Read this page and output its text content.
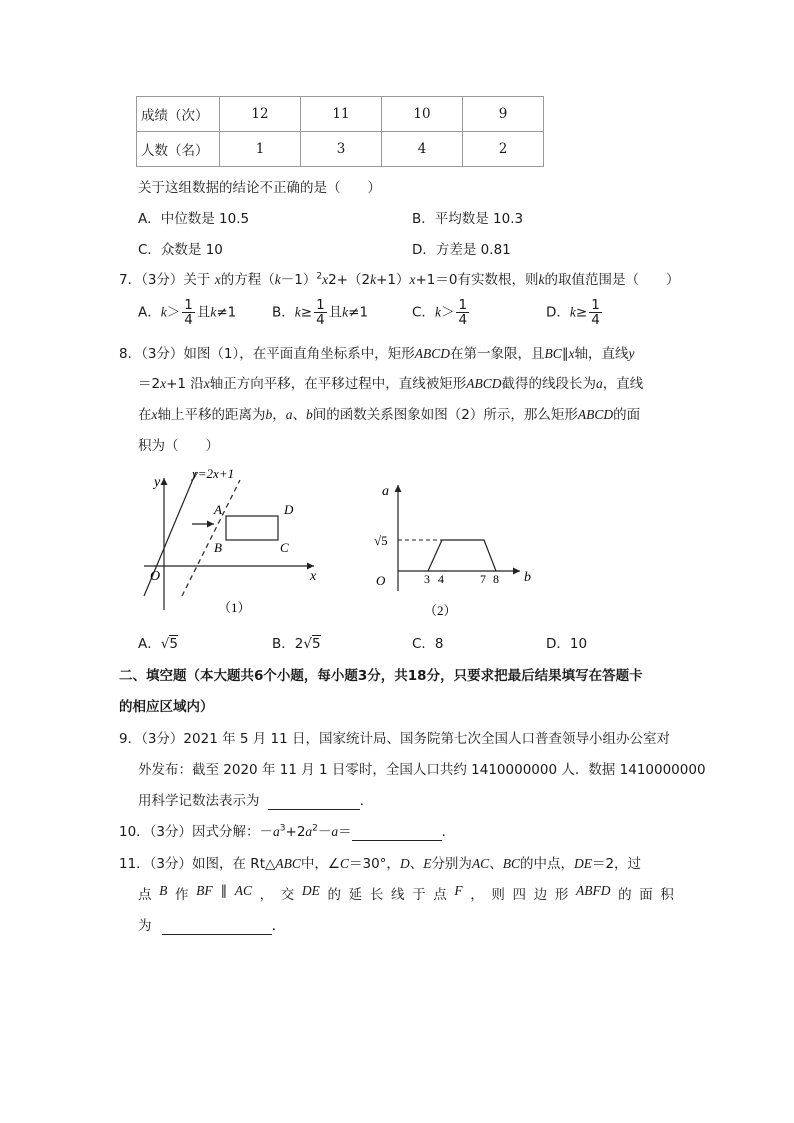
成绩（次）	12	11	10	9
人数（名）	1	3	4	2
关于这组数据的结论不正确的是（　　）
A．中位数是 10.5	B．平均数是 10.3
C．众数是 10	D．方差是 0.81
7．（3分）关于 x的方程$(k-1)^2x2+(2k+1)x+1=0$有实数根，则k的取值范围是（　　）
A．$k> \frac{1}{4}$ 且k≠1	B．$k\ge \frac{1}{4}$ 且k≠1	C．$k> \frac{1}{4}$	D．$k\ge \frac{1}{4}$
8．（3分）如图（1），在平面直角坐标系中，矩形ABCD在第一象限，且BC∥x轴，直线y
＝2x+1 沿x轴正方向平移，在平移过程中，直线被矩形ABCD截得的线段长为a，直线
在x轴上平移的距离为b，a、b间的函数关系图象如图（2）所示，那么矩形ABCD的面
积为（　　）
y
x
O
y=2x+1
A
B	C
D
（1）
a
b
O
√5
3 4	7 8
（2）
A．√5	B．2√5	C．8	D．10
二、填空题（本大题共6个小题，每小题3分，共18分，只要求把最后结果填写在答题卡
的相应区域内）
9．（3分）2021 年 5 月 11 日，国家统计局、国务院第七次全国人口普查领导小组办公室对
外发布：截至 2020 年 11 月 1 日零时，全国人口共约 1410000000 人．数据 1410000000
用科学记数法表示为	．
10．（3分）因式分解：$-a^3+2a^2-a=$	．
11．（3分）如图，在 Rt△ABC中，∠C＝30°，D、E分别为AC、BC的中点，DE＝2，过
点 B 作 BF ∥ AC ， 交 DE 的 延 长 线 于 点 F ， 则 四 边 形 ABFD 的 面 积
为	．
